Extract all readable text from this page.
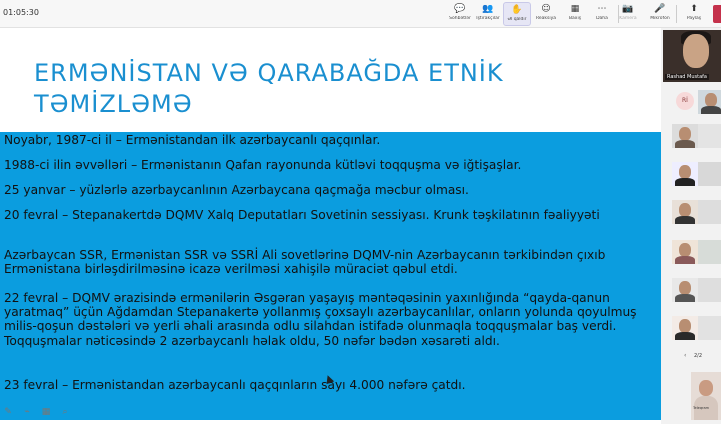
01:05:30	💬
Söhbətlər
👥
İştirakçılar
✋
Əl qaldır
☺
Reaksiya
▦
Baxış
⋯
Daha
📷
Kamera
🎤
Mikrofon
⬆
Paylaş
ERMƏNİSTAN VƏ QARABAĞDA ETNİK
TƏMİZLƏMƏ
Noyabr, 1987-ci il – Ermənistandan ilk azərbaycanlı qaçqınlar.
1988-ci ilin əvvəlləri – Ermənistanın Qafan rayonunda kütləvi toqquşma və iğtişaşlar.
25 yanvar – yüzlərlə azərbaycanlının Azərbaycana qaçmağa məcbur olması.
20 fevral – Stepanakertdə DQMV Xalq Deputatları Sovetinin sessiyası. Krunk təşkilatının fəaliyyəti
Azərbaycan SSR, Ermənistan SSR və SSRİ Ali sovetlərinə DQMV-nin Azərbaycanın tərkibindən çıxıb Ermənistana birləşdirilməsinə icazə verilməsi xahişilə müraciət qəbul etdi.
22 fevral – DQMV ərazisində ermənilərin Əsgəran yaşayış məntəqəsinin yaxınlığında “qayda-qanun yaratmaq” üçün Ağdamdan Stepanakertə yollanmış çoxsaylı azərbaycanlılar, onların yolunda qoyulmuş milis-qoşun dəstələri və yerli əhali arasında odlu silahdan istifadə olunmaqla toqquşmalar baş verdi. Toqquşmalar nəticəsində 2 azərbaycanlı həlak oldu, 50 nəfər bədən xəsarəti aldı.
23 fevral – Ermənistandan azərbaycanlı qaçqınların sayı 4.000 nəfərə çatdı.
✎ ⌁ ▦ ⌕
Rashad Mustafa
Rİ
‹ 2/2
Teleqram
